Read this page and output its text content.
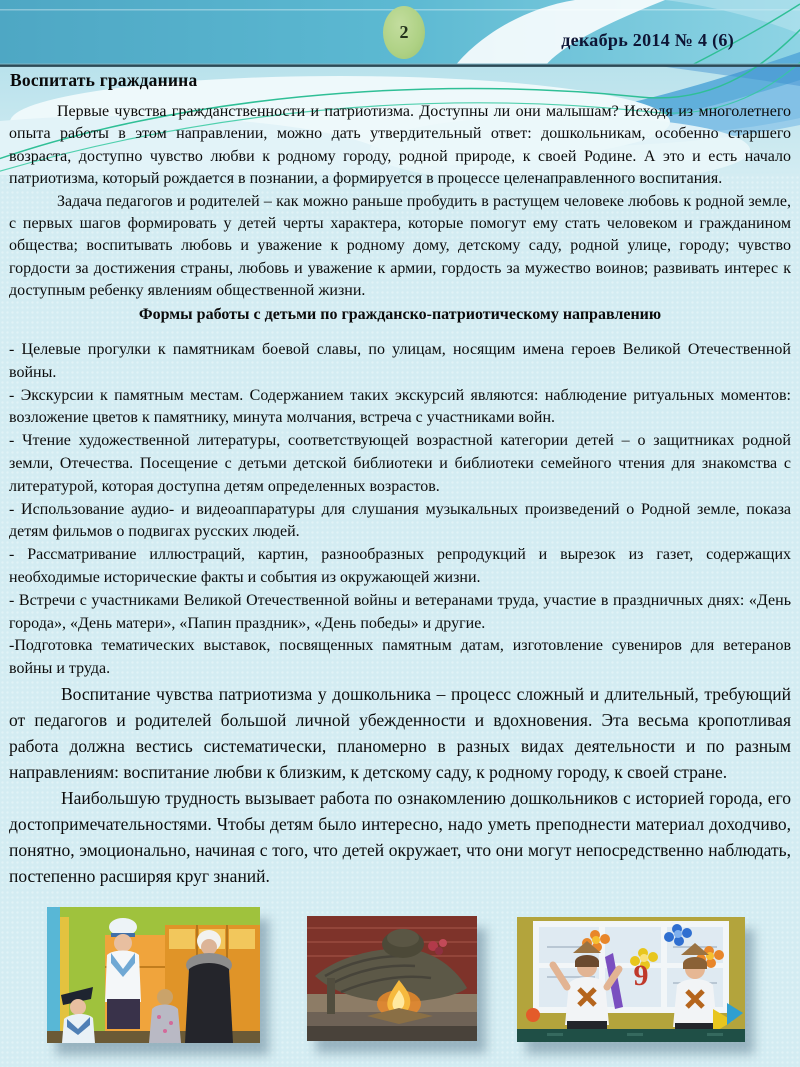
2	декабрь 2014 № 4 (6)
Воспитать гражданина

Первые чувства гражданственности и патриотизма. Доступны ли они малышам? Исходя из многолетнего опыта работы в этом направлении, можно дать утвердительный ответ: дошкольникам, особенно старшего возраста, доступно чувство любви к родному городу, родной природе, к своей Родине. А это и есть начало патриотизма, который рождается в познании, а формируется в процессе целенаправленного воспитания.

Задача педагогов и родителей – как можно раньше пробудить в растущем человеке любовь к родной земле, с первых шагов формировать у детей черты характера, которые помогут ему стать человеком и гражданином общества; воспитывать любовь и уважение к родному дому, детскому саду, родной улице, городу; чувство гордости за достижения страны, любовь и уважение к армии, гордость за мужество воинов; развивать интерес к доступным ребенку явлениям общественной жизни.

Формы работы с детьми по гражданско-патриотическому направлению

- Целевые прогулки к памятникам боевой славы, по улицам, носящим имена героев Великой Отечественной войны.

- Экскурсии к памятным местам. Содержанием таких экскурсий являются: наблюдение ритуальных моментов: возложение цветов к памятнику, минута молчания, встреча с участниками войн.

- Чтение художественной литературы, соответствующей возрастной категории детей – о защитниках родной земли, Отечества. Посещение с детьми детской библиотеки и библиотеки семейного чтения для знакомства с литературой, которая доступна детям определенных возрастов.

- Использование аудио- и видеоаппаратуры для слушания музыкальных произведений о Родной земле, показа детям фильмов о подвигах русских людей.

- Рассматривание иллюстраций, картин, разнообразных репродукций и вырезок из газет, содержащих необходимые исторические факты и события из окружающей жизни.

- Встречи с участниками Великой Отечественной войны и ветеранами труда, участие в праздничных днях: «День города», «День матери», «Папин праздник», «День победы» и другие.

-Подготовка тематических выставок, посвященных памятным датам, изготовление сувениров для ветеранов войны и труда.

Воспитание чувства патриотизма у дошкольника – процесс сложный и длительный, требующий от педагогов и родителей большой личной убежденности и вдохновения. Эта весьма кропотливая работа должна вестись систематически, планомерно в разных видах деятельности и по разным направлениям: воспитание любви к близким, к детскому саду, к родному городу, к своей стране.

Наибольшую трудность вызывает работа по ознакомлению дошкольников с историей города, его достопримечательностями. Чтобы детям было интересно, надо уметь преподнести материал доходчиво, понятно, эмоционально, начиная с того, что детей окружает, что они могут непосредственно наблюдать, постепенно расширяя круг знаний.

9
